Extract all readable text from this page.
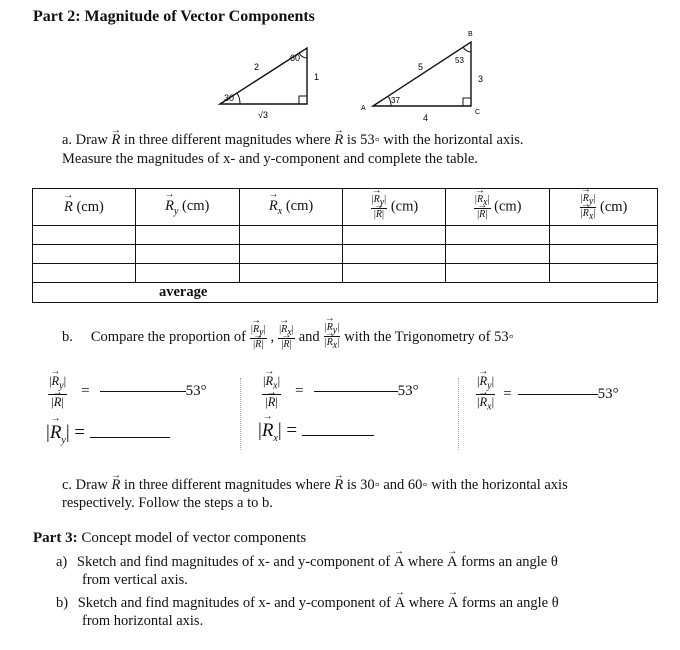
Part 2: Magnitude of Vector Components
2
60
1
30
√3
B
A
C
5
53
3
37
4
a. Draw → R in three different magnitudes where → R is 53◦ with the horizontal axis.
Measure the magnitudes of x- and y-component and complete the table.
→ R (cm)	→ $R_y$ (cm)	→ $R_x$ (cm)	$\frac{|\to R_y|}{|\to R|} (cm)$	$\frac{|\to R_x|}{|\to R|} (cm)$	$\frac{|\to R_y|}{|\to R_x|} (cm)$

average					
b. Compare the proportion of $\frac{|\to R_y|}{|\to R|}$ , $\frac{|\to R_x|}{|\to R|}$ and $\frac{|\to R_y|}{|\to R_x|}$ with the Trigonometry of 53◦
$\frac{|\to R_y|}{|\to R|}$ =	53°
|→ $R_y|$ =
$\frac{|\to R_x|}{|\to R|}$ =	53°
|→ $R_x|$ =
$\frac{|\to R_y|}{|\to R_x|}$ =	53°
c. Draw → R in three different magnitudes where → R is 30◦ and 60◦ with the horizontal axis
respectively. Follow the steps a to b.
Part 3: Concept model of vector components
a) Sketch and find magnitudes of x- and y-component of → A where → A forms an angle θ
from vertical axis.
b) Sketch and find magnitudes of x- and y-component of → A where → A forms an angle θ
from horizontal axis.
